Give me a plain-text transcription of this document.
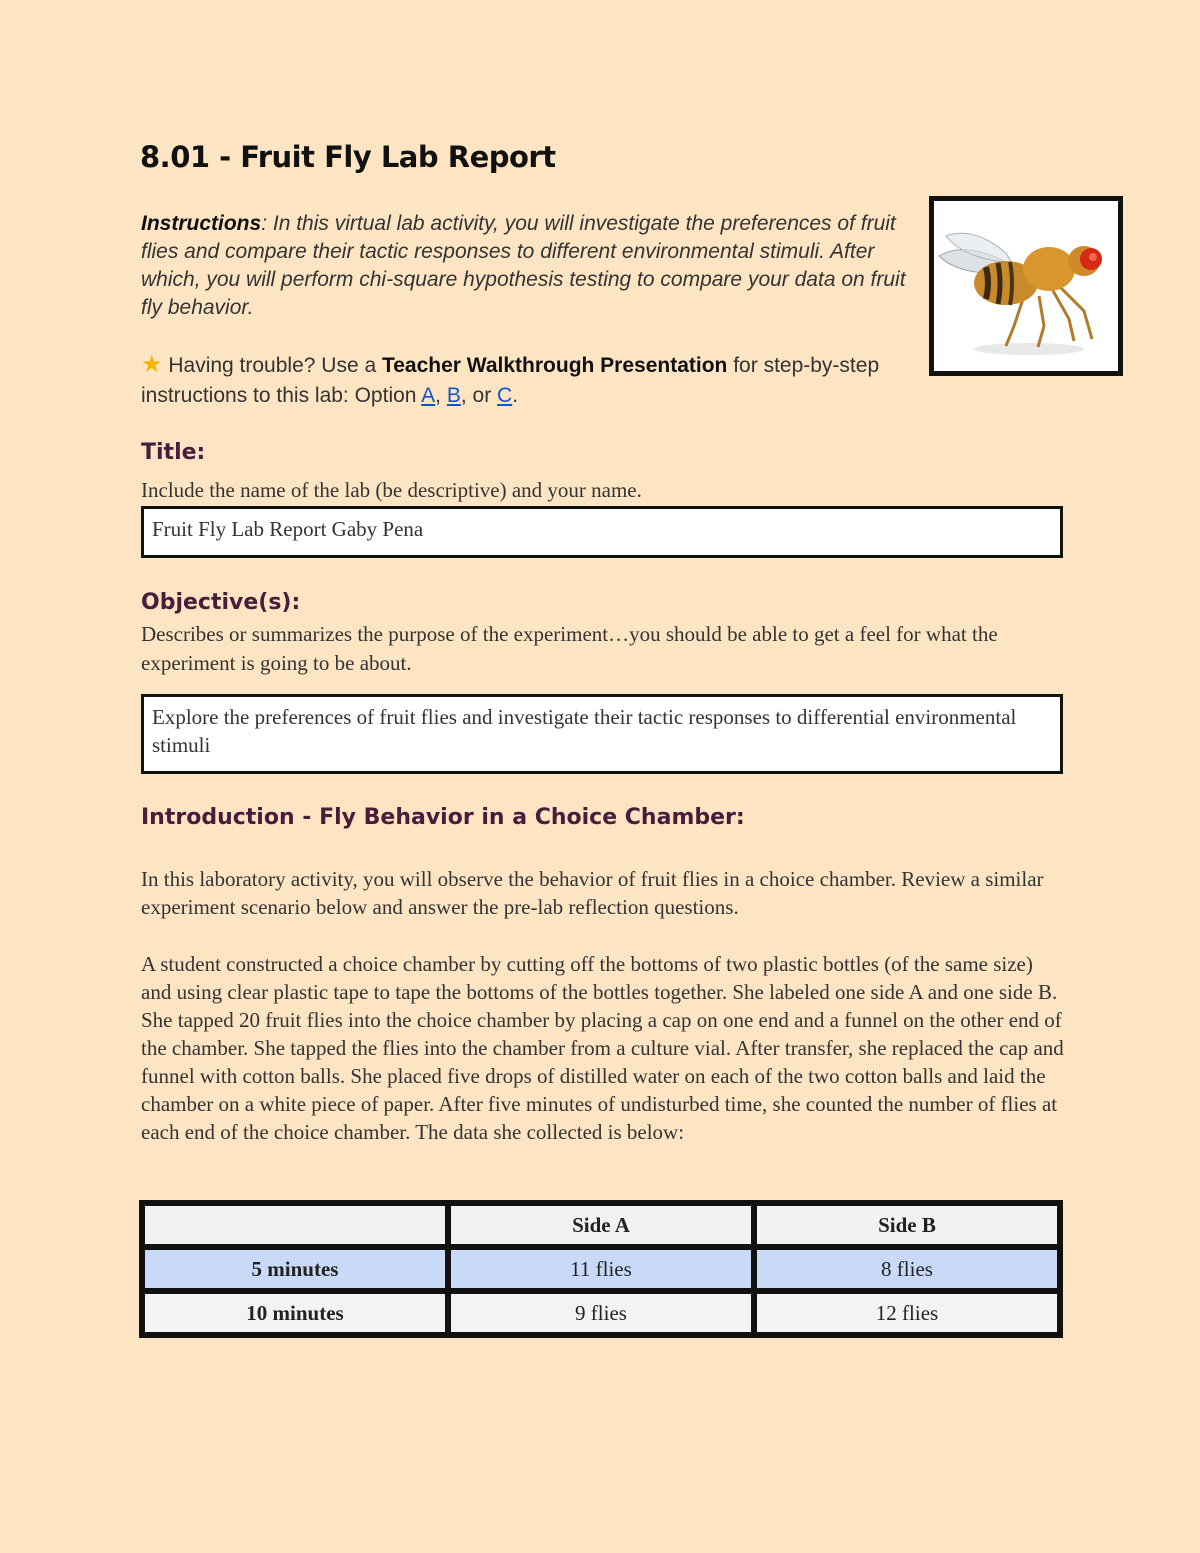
8.01 - Fruit Fly Lab Report

Instructions: In this virtual lab activity, you will investigate the preferences of fruit flies and compare their tactic responses to different environmental stimuli. After which, you will perform chi-square hypothesis testing to compare your data on fruit fly behavior.

★ Having trouble? Use a Teacher Walkthrough Presentation for step-by-step instructions to this lab: Option A, B, or C.

Title:

Include the name of the lab (be descriptive) and your name.

Fruit Fly Lab Report Gaby Pena
Objective(s):

Describes or summarizes the purpose of the experiment…you should be able to get a feel for what the experiment is going to be about.

Explore the preferences of fruit flies and investigate their tactic responses to differential environmental stimuli
Introduction - Fly Behavior in a Choice Chamber:

In this laboratory activity, you will observe the behavior of fruit flies in a choice chamber. Review a similar experiment scenario below and answer the pre-lab reflection questions.

A student constructed a choice chamber by cutting off the bottoms of two plastic bottles (of the same size) and using clear plastic tape to tape the bottoms of the bottles together. She labeled one side A and one side B. She tapped 20 fruit flies into the choice chamber by placing a cap on one end and a funnel on the other end of the chamber. She tapped the flies into the chamber from a culture vial. After transfer, she replaced the cap and funnel with cotton balls. She placed five drops of distilled water on each of the two cotton balls and laid the chamber on a white piece of paper. After five minutes of undisturbed time, she counted the number of flies at each end of the choice chamber. The data she collected is below:

	Side A	Side B
5 minutes	11 flies	8 flies
10 minutes	9 flies	12 flies
